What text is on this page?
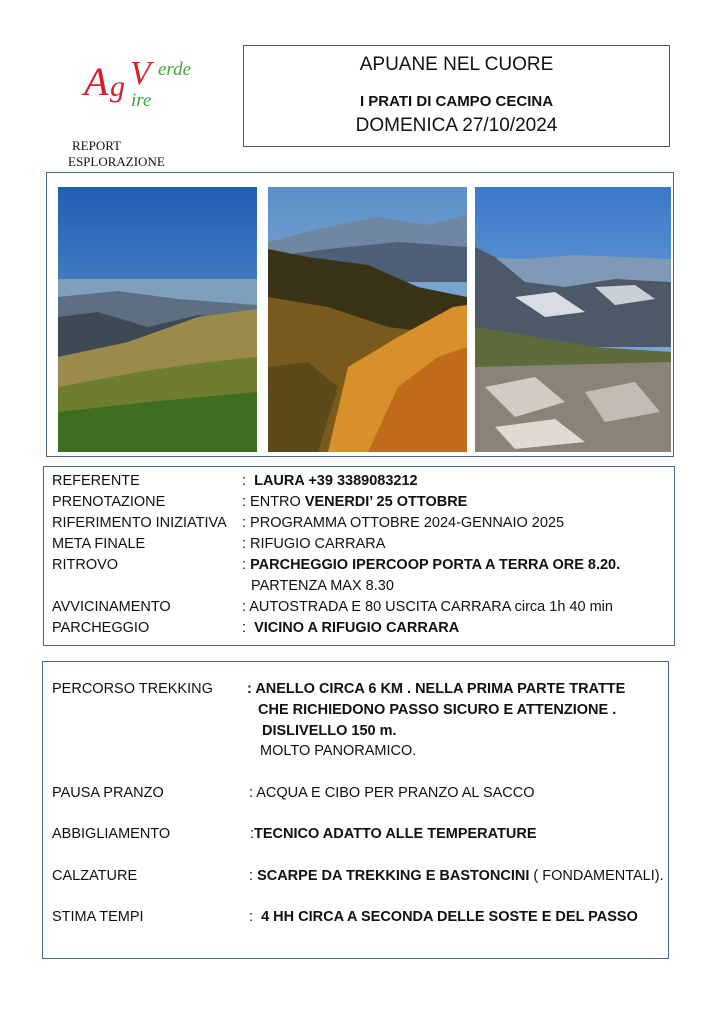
A g V erde
ire
REPORT
ESPLORAZIONE
APUANE NEL CUORE
I PRATI DI CAMPO CECINA
DOMENICA 27/10/2024
REFERENTE	: LAURA +39 3389083212
PRENOTAZIONE	: ENTRO VENERDI’ 25 OTTOBRE
RIFERIMENTO INIZIATIVA : PROGRAMMA OTTOBRE 2024-GENNAIO 2025
META FINALE	: RIFUGIO CARRARA
RITROVO	: PARCHEGGIO IPERCOOP PORTA A TERRA ORE 8.20.
PARTENZA MAX 8.30
AVVICINAMENTO	: AUTOSTRADA E 80 USCITA CARRARA circa 1h 40 min
PARCHEGGIO	: VICINO A RIFUGIO CARRARA
PERCORSO TREKKING : ANELLO CIRCA 6 KM . NELLA PRIMA PARTE TRATTE
CHE RICHIEDONO PASSO SICURO E ATTENZIONE .
DISLIVELLO 150 m.
MOLTO PANORAMICO.
PAUSA PRANZO	: ACQUA E CIBO PER PRANZO AL SACCO
ABBIGLIAMENTO	:TECNICO ADATTO ALLE TEMPERATURE
CALZATURE	: SCARPE DA TREKKING E BASTONCINI ( FONDAMENTALI).
STIMA TEMPI	: 4 HH CIRCA A SECONDA DELLE SOSTE E DEL PASSO
